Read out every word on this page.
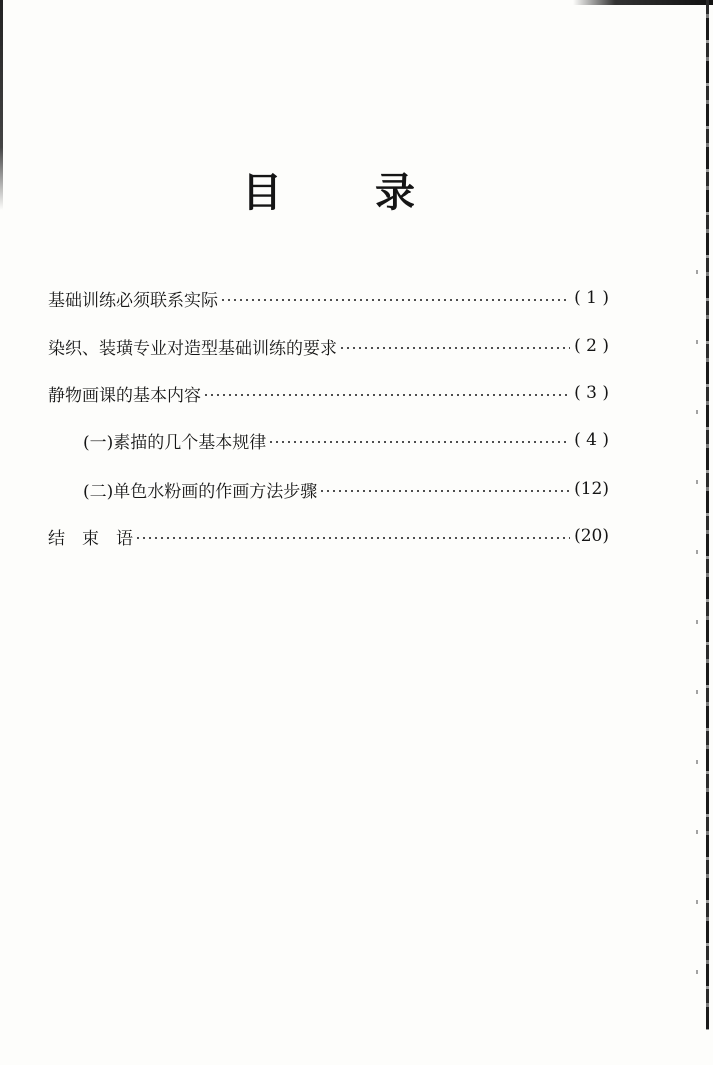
目 录
基础训练必须联系实际	( 1 )
染织、装璜专业对造型基础训练的要求	( 2 )
静物画课的基本内容	( 3 )
(一)素描的几个基本规律	( 4 )
(二)单色水粉画的作画方法步骤	(12)
结　束　语	(20)
